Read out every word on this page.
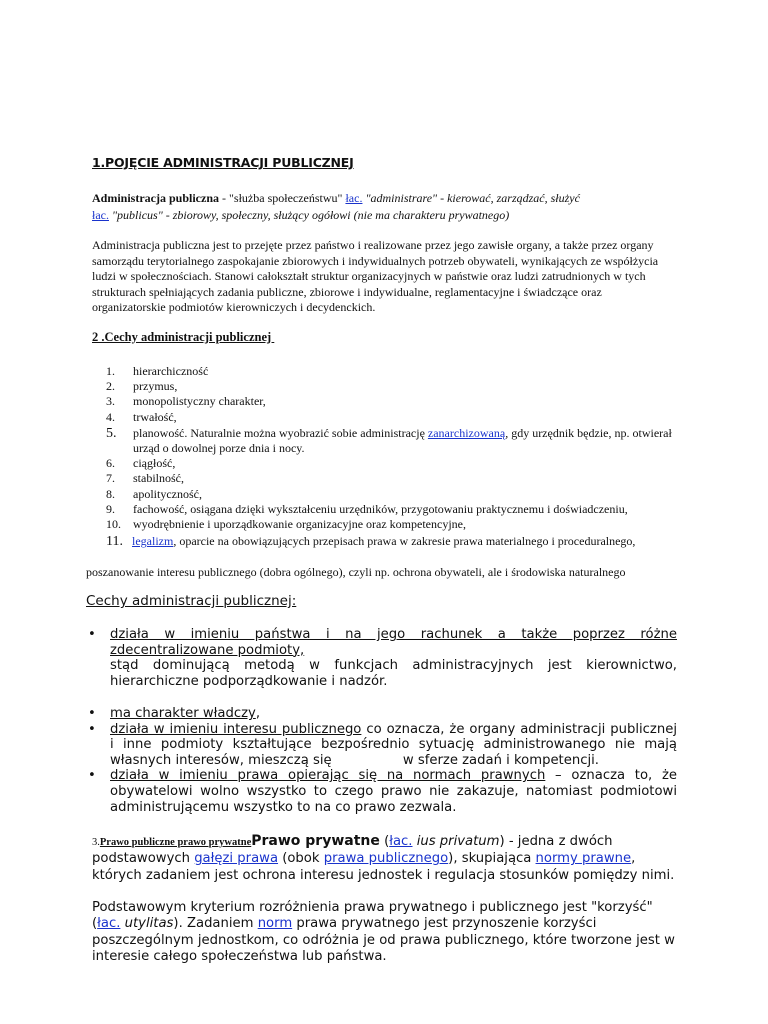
1.POJĘCIE ADMINISTRACJI PUBLICZNEJ
Administracja publiczna - "służba społeczeństwu" łac. "administrare" - kierować, zarządzać, służyć
łac. "publicus" - zbiorowy, społeczny, służący ogółowi (nie ma charakteru prywatnego)
Administracja publiczna jest to przejęte przez państwo i realizowane przez jego zawisłe organy, a także przez organy samorządu terytorialnego zaspokajanie zbiorowych i indywidualnych potrzeb obywateli, wynikających ze współżycia ludzi w społecznościach. Stanowi całokształt struktur organizacyjnych w państwie oraz ludzi zatrudnionych w tych strukturach spełniających zadania publiczne, zbiorowe i indywidualne, reglamentacyjne i świadczące oraz organizatorskie podmiotów kierowniczych i decydenckich.
2 .Cechy administracji publicznej
1. hierarchiczność
2. przymus,
3. monopolistyczny charakter,
4. trwałość,
5. planowość. Naturalnie można wyobrazić sobie administrację zanarchizowaną, gdy urzędnik będzie, np. otwierał urząd o dowolnej porze dnia i nocy.
6. ciągłość,
7. stabilność,
8. apolityczność,
9. fachowość, osiągana dzięki wykształceniu urzędników, przygotowaniu praktycznemu i doświadczeniu,
10. wyodrębnienie i uporządkowanie organizacyjne oraz kompetencyjne,
11. legalizm, oparcie na obowiązujących przepisach prawa w zakresie prawa materialnego i proceduralnego,
poszanowanie interesu publicznego (dobra ogólnego), czyli np. ochrona obywateli, ale i środowiska naturalnego
Cechy administracji publicznej:
• działa w imieniu państwa i na jego rachunek a także poprzez różne zdecentralizowane podmioty,
stąd dominującą metodą w funkcjach administracyjnych jest kierownictwo, hierarchiczne podporządkowanie i nadzór.
• ma charakter władczy,
• działa w imieniu interesu publicznego co oznacza, że organy administracji publicznej i inne podmioty kształtujące bezpośrednio sytuację administrowanego nie mają własnych interesów, mieszczą się                 w sferze zadań i kompetencji.
• działa w imieniu prawa opierając się na normach prawnych – oznacza to, że obywatelowi wolno wszystko to czego prawo nie zakazuje, natomiast podmiotowi administrującemu wszystko to na co prawo zezwala.
3.Prawo publiczne prawo prywatnePrawo prywatne (łac. ius privatum) - jedna z dwóch podstawowych gałęzi prawa (obok prawa publicznego), skupiająca normy prawne, których zadaniem jest ochrona interesu jednostek i regulacja stosunków pomiędzy nimi.
Podstawowym kryterium rozróżnienia prawa prywatnego i publicznego jest "korzyść" (łac. utylitas). Zadaniem norm prawa prywatnego jest przynoszenie korzyści poszczególnym jednostkom, co odróżnia je od prawa publicznego, które tworzone jest w interesie całego społeczeństwa lub państwa.
